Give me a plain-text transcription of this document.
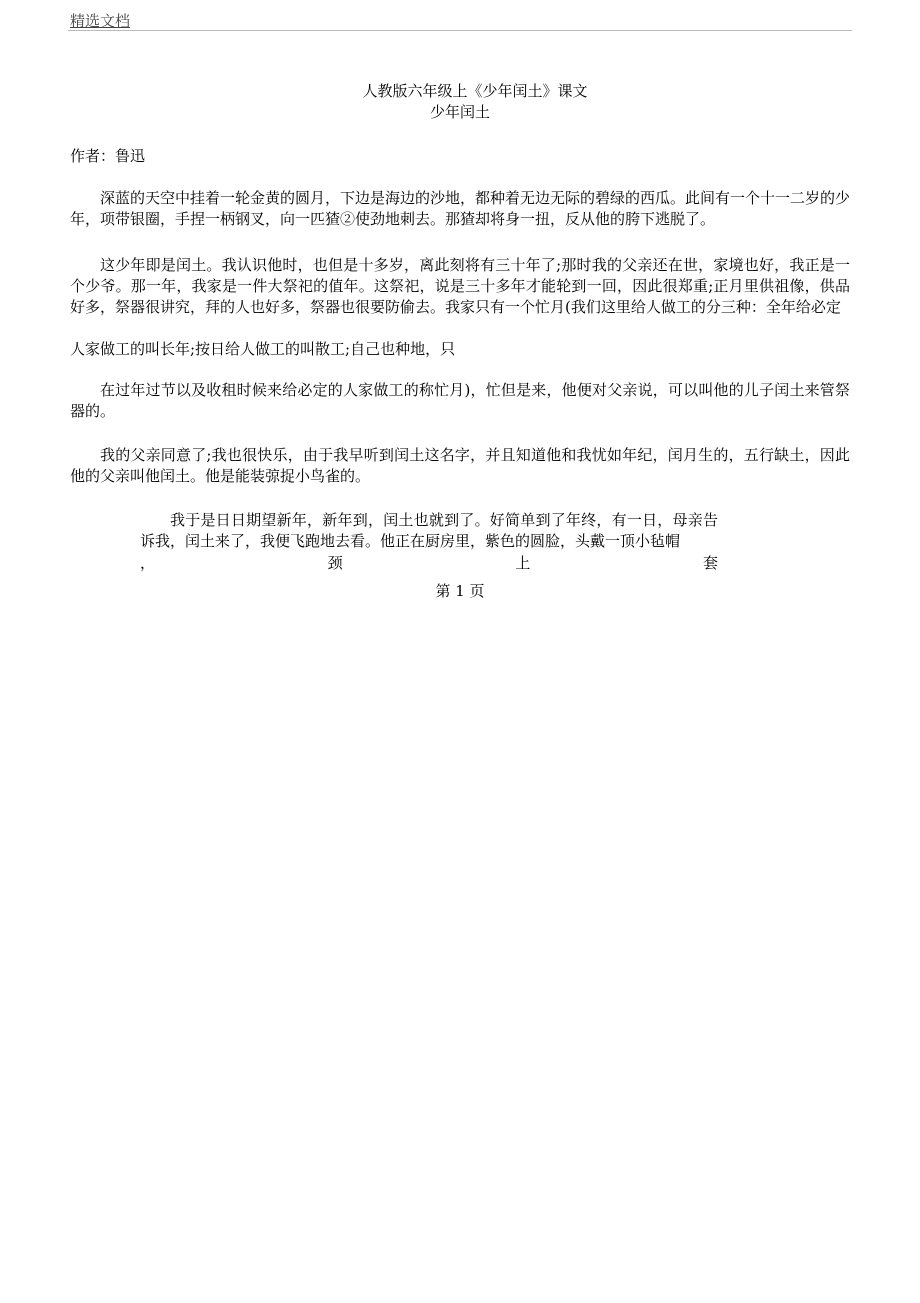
精选文档
人教版六年级上《少年闰土》课文
少年闰土
作者：鲁迅
深蓝的天空中挂着一轮金黄的圆月，下边是海边的沙地，都种着无边无际的碧绿的西瓜。此间有一个十一二岁的少年，项带银圈，手捏一柄钢叉，向一匹猹②使劲地刺去。那猹却将身一扭，反从他的胯下逃脱了。
这少年即是闰土。我认识他时，也但是十多岁，离此刻将有三十年了;那时我的父亲还在世，家境也好，我正是一个少爷。那一年，我家是一件大祭祀的值年。这祭祀，说是三十多年才能轮到一回，因此很郑重;正月里供祖像，供品好多，祭器很讲究，拜的人也好多，祭器也很要防偷去。我家只有一个忙月(我们这里给人做工的分三种：全年给必定
人家做工的叫长年;按日给人做工的叫散工;自己也种地，只
在过年过节以及收租时候来给必定的人家做工的称忙月)，忙但是来，他便对父亲说，可以叫他的儿子闰土来管祭器的。
我的父亲同意了;我也很快乐，由于我早听到闰土这名字，并且知道他和我忧如年纪，闰月生的，五行缺土，因此他的父亲叫他闰土。他是能装弶捉小鸟雀的。
我于是日日期望新年，新年到，闰土也就到了。好简单到了年终，有一日，母亲告诉我，闰土来了，我便飞跑地去看。他正在厨房里，紫色的圆脸，头戴一顶小毡帽
，	颈	上	套
第 1 页
